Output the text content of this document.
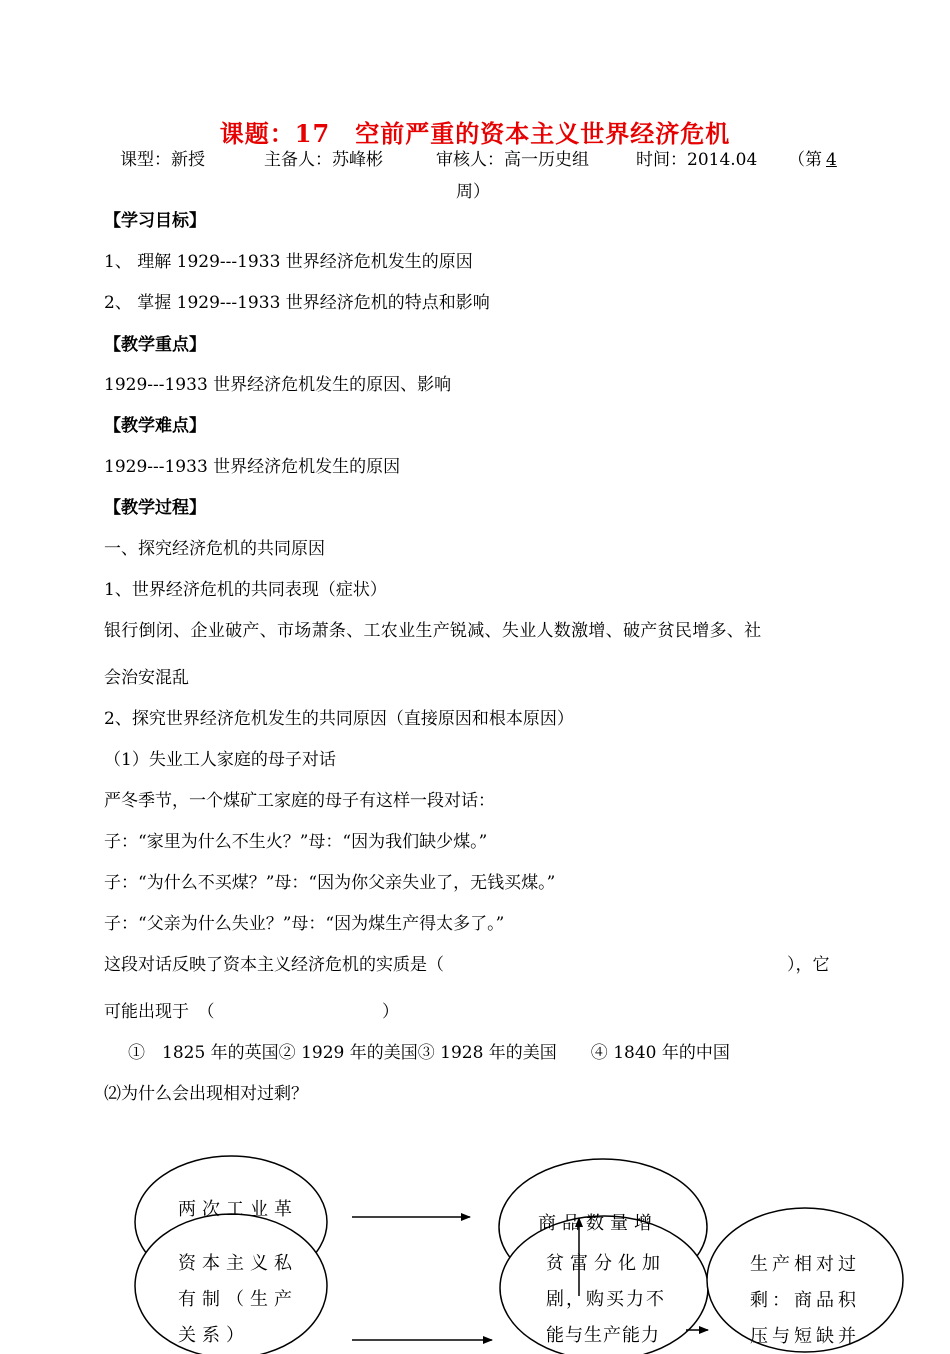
课题：17　空前严重的资本主义世界经济危机
课型：新授	主备人：苏峰彬	审核人：高一历史组	时间：2014.04 （第 4
周）
【学习目标】
1、 理解 1929---1933 世界经济危机发生的原因
2、 掌握 1929---1933 世界经济危机的特点和影响
【教学重点】
1929---1933 世界经济危机发生的原因、影响
【教学难点】
1929---1933 世界经济危机发生的原因
【教学过程】
一、探究经济危机的共同原因
1、世界经济危机的共同表现（症状）
银行倒闭、企业破产、市场萧条、工农业生产锐减、失业人数激增、破产贫民增多、社
会治安混乱
2、探究世界经济危机发生的共同原因（直接原因和根本原因）
（1）失业工人家庭的母子对话
严冬季节，一个煤矿工家庭的母子有这样一段对话：
子：“家里为什么不生火？”母：“因为我们缺少煤。”
子：“为什么不买煤？”母：“因为你父亲失业了，无钱买煤。”
子：“父亲为什么失业？”母：“因为煤生产得太多了。”
这段对话反映了资本主义经济危机的实质是（	），它
可能出现于　（	）
①　1825 年的英国② 1929 年的美国③ 1928 年的美国　　④ 1840 年的中国
⑵为什么会出现相对过剩？
两次工业革
资本主义私
有制（生产
关系）
贫富分化加
剧，购买力不
能与生产能力
生产相对过
剩：商品积
压与短缺并
